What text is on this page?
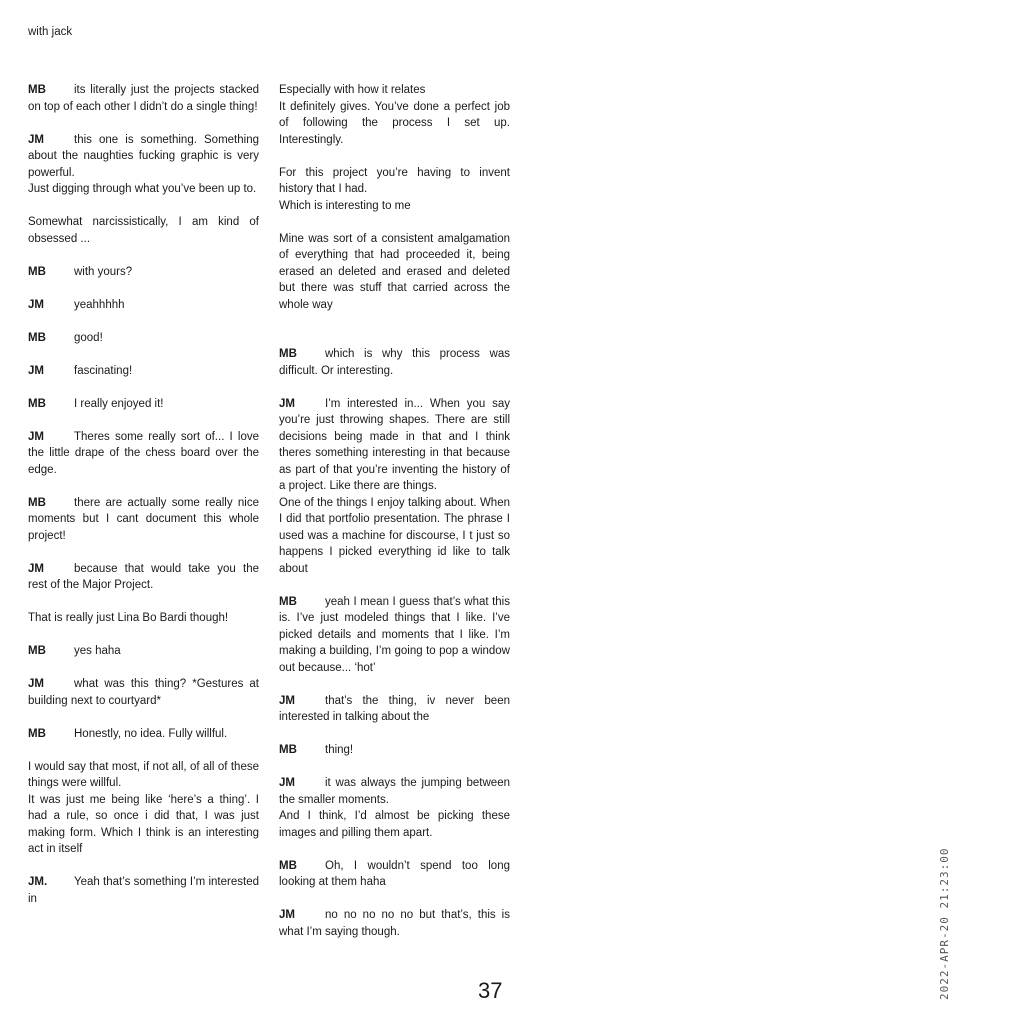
with jack

MB its literally just the projects stacked on top of each other I didn’t do a single thing!

JM	this one is something. Something about the naughties fucking graphic is very powerful.

Just digging through what you’ve been up to.

Somewhat narcissistically, I am kind of obsessed ...

MB with yours?

JM	yeahhhhh

MB good!

JM	fascinating!

MB I really enjoyed it!

JM	Theres some really sort of... I love the little drape of the chess board over the edge.

MB there are actually some really nice moments but I cant document this whole project!

JM	because that would take you the rest of the Major Project.

That is really just Lina Bo Bardi though!

MB yes haha

JM	what was this thing? *Gestures at building next to courtyard*

MB Honestly, no idea. Fully willful.

I would say that most, if not all, of all of these things were willful.

It was just me being like ‘here’s a thing’. I had a rule, so once i did that, I was just making form. Which I think is an interesting act in itself

JM. Yeah that’s something I’m interested in

Especially with how it relates

It definitely gives. You’ve done a perfect job of following the process I set up. Interestingly.

For this project you’re having to invent history that I had.

Which is interesting to me

Mine was sort of a consistent amalgamation of everything that had proceeded it, being erased an deleted and erased and deleted but there was stuff that carried across the whole way

MB which is why this process was difficult. Or interesting.

JM	I’m interested in... When you say you’re just throwing shapes. There are still decisions being made in that and I think theres something interesting in that because as part of that you’re inventing the history of a project. Like there are things.

One of the things I enjoy talking about. When I did that portfolio presentation. The phrase I used was a machine for discourse, I t just so happens I picked everything id like to talk about

MB yeah I mean I guess that’s what this is. I’ve just modeled things that I like. I’ve picked details and moments that I like. I’m making a building, I’m going to pop a window out because... ‘hot’

JM	that’s the thing, iv never been interested in talking about the

MB thing!

JM	it was always the jumping between the smaller moments.

And I think, I’d almost be picking these images and pilling them apart.

MB Oh, I wouldn’t spend too long looking at them haha

JM	no no no no no but that’s, this is what I’m saying though.

37	2022-APR-20 21:23:00
